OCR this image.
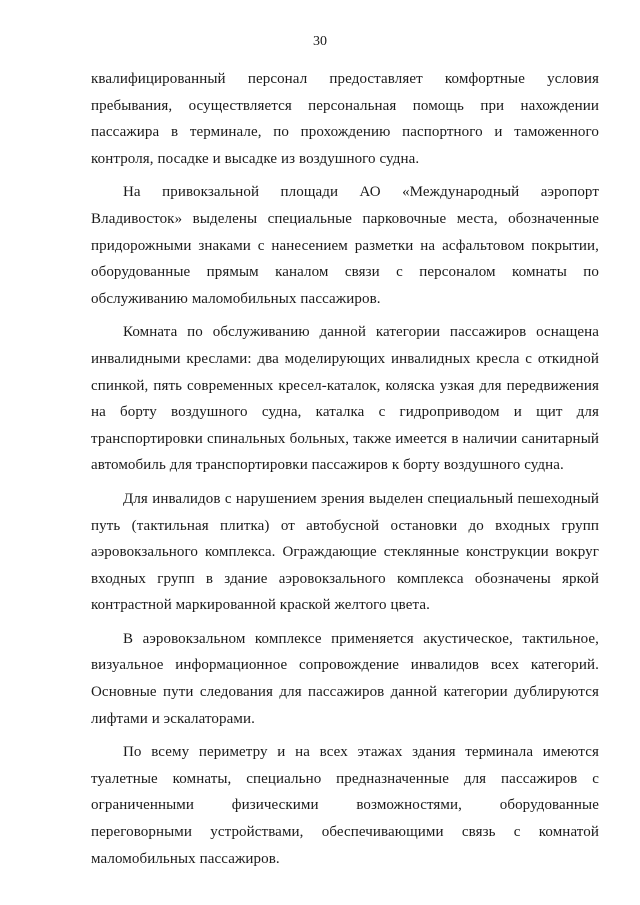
30

квалифицированный персонал предоставляет комфортные условия пребывания, осуществляется персональная помощь при нахождении пассажира в терминале, по прохождению паспортного и таможенного контроля, посадке и высадке из воздушного судна.

На привокзальной площади АО «Международный аэропорт Владивосток» выделены специальные парковочные места, обозначенные придорожными знаками с нанесением разметки на асфальтовом покрытии, оборудованные прямым каналом связи с персоналом комнаты по обслуживанию маломобильных пассажиров.

Комната по обслуживанию данной категории пассажиров оснащена инвалидными креслами: два моделирующих инвалидных кресла с откидной спинкой, пять современных кресел-каталок, коляска узкая для передвижения на борту воздушного судна, каталка с гидроприводом и щит для транспортировки спинальных больных, также имеется в наличии санитарный автомобиль для транспортировки пассажиров к борту воздушного судна.

Для инвалидов с нарушением зрения выделен специальный пешеходный путь (тактильная плитка) от автобусной остановки до входных групп аэровокзального комплекса. Ограждающие стеклянные конструкции вокруг входных групп в здание аэровокзального комплекса обозначены яркой контрастной маркированной краской желтого цвета.

В аэровокзальном комплексе применяется акустическое, тактильное, визуальное информационное сопровождение инвалидов всех категорий. Основные пути следования для пассажиров данной категории дублируются лифтами и эскалаторами.

По всему периметру и на всех этажах здания терминала имеются туалетные комнаты, специально предназначенные для пассажиров с ограниченными физическими возможностями, оборудованные переговорными устройствами, обеспечивающими связь с комнатой маломобильных пассажиров.
